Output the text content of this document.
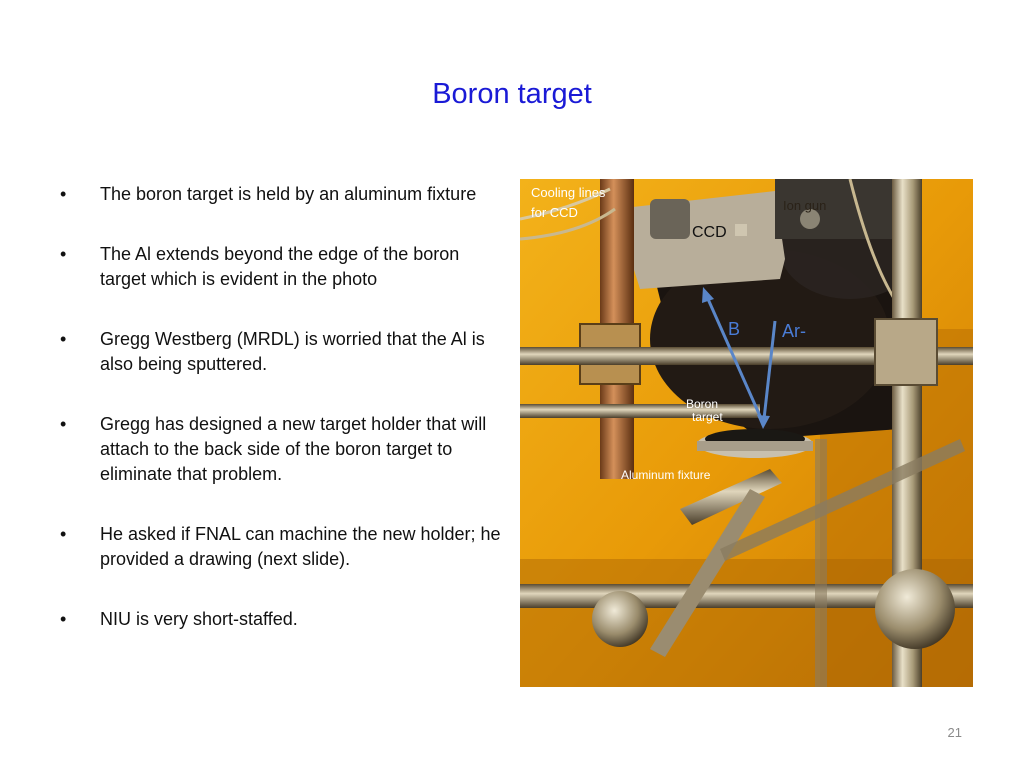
Boron target
• The boron target is held by an aluminum fixture
• The Al extends beyond the edge of the boron target which is evident in the photo
• Gregg Westberg (MRDL) is worried that the Al is also being sputtered.
• Gregg has designed a new target holder that will attach to the back side of the boron target to eliminate that problem.
• He asked if FNAL can machine the new holder; he provided a drawing (next slide).
• NIU is very short-staffed.
Cooling lines
for CCD	Ion gun
CCD
B Ar-
Boron
target
Aluminum fixture
21
